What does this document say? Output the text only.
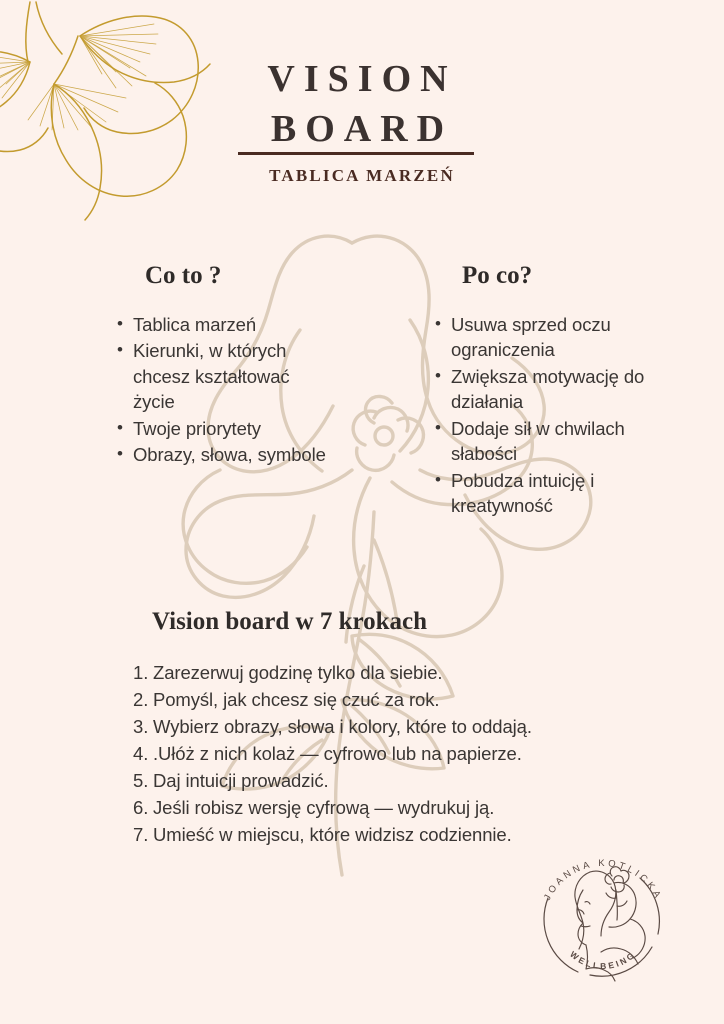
VISION
BOARD
TABLICA MARZEŃ
Co to ?
• Tablica marzeń
• Kierunki, w których chcesz kształtować życie
• Twoje priorytety
• Obrazy, słowa, symbole
Po co?
• Usuwa sprzed oczu ograniczenia
• Zwiększa motywację do działania
• Dodaje sił w chwilach słabości
• Pobudza intuicję i kreatywność
Vision board w 7 krokach
Zarezerwuj godzinę tylko dla siebie.
Pomyśl, jak chcesz się czuć za rok.
Wybierz obrazy, słowa i kolory, które to oddają.
.Ułóż z nich kolaż — cyfrowo lub na papierze.
Daj intuicji prowadzić.
Jeśli robisz wersję cyfrową — wydrukuj ją.
Umieść w miejscu, które widzisz codziennie.
JOANNA KOTLICKA
WELLBEING
